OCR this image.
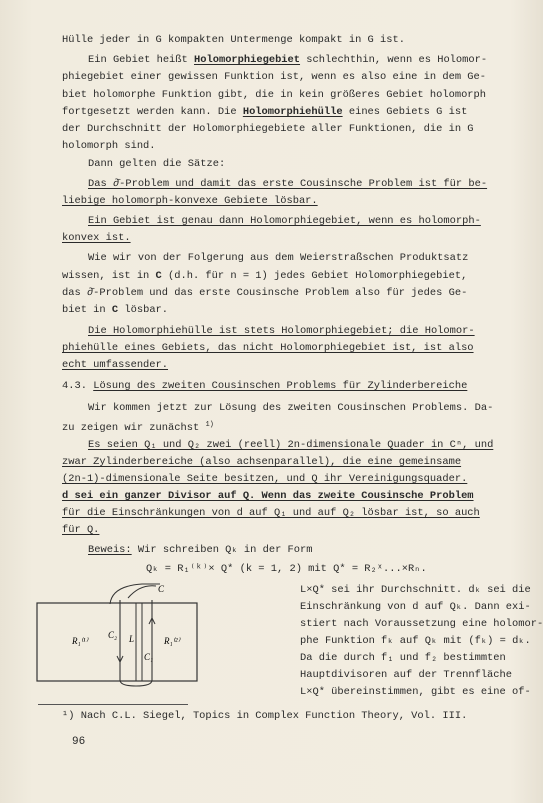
Hülle jeder in G kompakten Untermenge kompakt in G ist.
Ein Gebiet heißt Holomorphiegebiet schlechthin, wenn es Holomor-
phiegebiet einer gewissen Funktion ist, wenn es also eine in dem Ge-
biet holomorphe Funktion gibt, die in kein größeres Gebiet holomorph
fortgesetzt werden kann. Die Holomorphiehülle eines Gebiets G ist
der Durchschnitt der Holomorphiegebiete aller Funktionen, die in G
holomorph sind.
Dann gelten die Sätze:
Das ∂̄-Problem und damit das erste Cousinsche Problem ist für be-
liebige holomorph-konvexe Gebiete lösbar.
Ein Gebiet ist genau dann Holomorphiegebiet, wenn es holomorph-
konvex ist.
Wie wir von der Folgerung aus dem Weierstraßschen Produktsatz
wissen, ist in C (d.h. für n = 1) jedes Gebiet Holomorphiegebiet,
das ∂̄-Problem und das erste Cousinsche Problem also für jedes Ge-
biet in C lösbar.
Die Holomorphiehülle ist stets Holomorphiegebiet; die Holomor-
phiehülle eines Gebiets, das nicht Holomorphiegebiet ist, ist also
echt umfassender.
4.3. Lösung des zweiten Cousinschen Problems für Zylinderbereiche
Wir kommen jetzt zur Lösung des zweiten Cousinschen Problems. Da-
zu zeigen wir zunächst $^{1)}$
Es seien Q₁ und Q₂ zwei (reell) 2n-dimensionale Quader in Cⁿ, und
zwar Zylinderbereiche (also achsenparallel), die eine gemeinsame
(2n-1)-dimensionale Seite besitzen, und Q ihr Vereinigungsquader.
d sei ein ganzer Divisor auf Q. Wenn das zweite Cousinsche Problem
für die Einschränkungen von d auf Q₁ und auf Q₂ lösbar ist, so auch
für Q.
Beweis: Wir schreiben Qₖ in der Form
Qₖ = R₁⁽ᵏ⁾× Q* (k = 1, 2) mit Q* = R₂ˣ...×Rₙ.
R₁⁽¹⁾	R₁⁽²⁾
C
C₂
C₁
L
L×Q* sei ihr Durchschnitt. dₖ sei die
Einschränkung von d auf Qₖ. Dann exi-
stiert nach Voraussetzung eine holomor-
phe Funktion fₖ auf Qₖ mit (fₖ) = dₖ.
Da die durch f₁ und f₂ bestimmten
Hauptdivisoren auf der Trennfläche
L×Q* übereinstimmen, gibt es eine of-
¹) Nach C.L. Siegel, Topics in Complex Function Theory, Vol. III.
96
